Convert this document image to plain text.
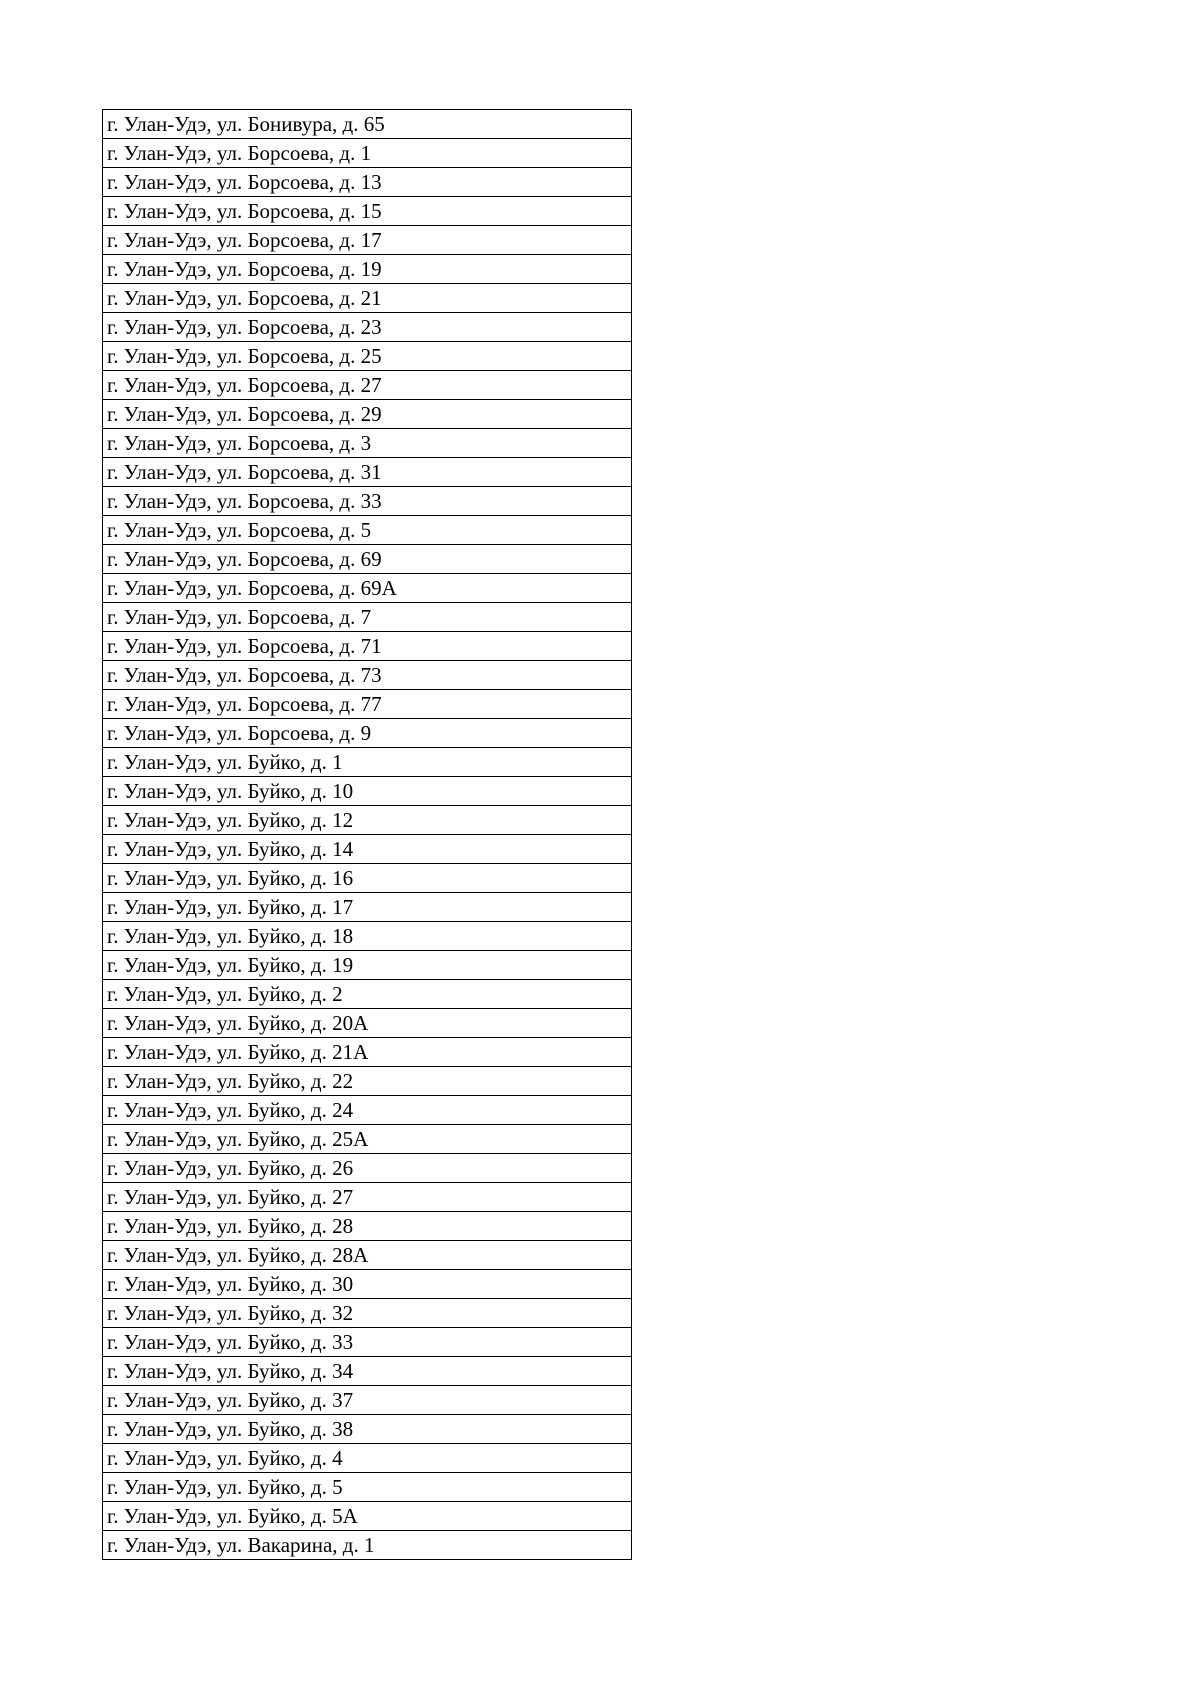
г. Улан-Удэ, ул. Бонивура, д. 65
г. Улан-Удэ, ул. Борсоева, д. 1
г. Улан-Удэ, ул. Борсоева, д. 13
г. Улан-Удэ, ул. Борсоева, д. 15
г. Улан-Удэ, ул. Борсоева, д. 17
г. Улан-Удэ, ул. Борсоева, д. 19
г. Улан-Удэ, ул. Борсоева, д. 21
г. Улан-Удэ, ул. Борсоева, д. 23
г. Улан-Удэ, ул. Борсоева, д. 25
г. Улан-Удэ, ул. Борсоева, д. 27
г. Улан-Удэ, ул. Борсоева, д. 29
г. Улан-Удэ, ул. Борсоева, д. 3
г. Улан-Удэ, ул. Борсоева, д. 31
г. Улан-Удэ, ул. Борсоева, д. 33
г. Улан-Удэ, ул. Борсоева, д. 5
г. Улан-Удэ, ул. Борсоева, д. 69
г. Улан-Удэ, ул. Борсоева, д. 69А
г. Улан-Удэ, ул. Борсоева, д. 7
г. Улан-Удэ, ул. Борсоева, д. 71
г. Улан-Удэ, ул. Борсоева, д. 73
г. Улан-Удэ, ул. Борсоева, д. 77
г. Улан-Удэ, ул. Борсоева, д. 9
г. Улан-Удэ, ул. Буйко, д. 1
г. Улан-Удэ, ул. Буйко, д. 10
г. Улан-Удэ, ул. Буйко, д. 12
г. Улан-Удэ, ул. Буйко, д. 14
г. Улан-Удэ, ул. Буйко, д. 16
г. Улан-Удэ, ул. Буйко, д. 17
г. Улан-Удэ, ул. Буйко, д. 18
г. Улан-Удэ, ул. Буйко, д. 19
г. Улан-Удэ, ул. Буйко, д. 2
г. Улан-Удэ, ул. Буйко, д. 20А
г. Улан-Удэ, ул. Буйко, д. 21А
г. Улан-Удэ, ул. Буйко, д. 22
г. Улан-Удэ, ул. Буйко, д. 24
г. Улан-Удэ, ул. Буйко, д. 25А
г. Улан-Удэ, ул. Буйко, д. 26
г. Улан-Удэ, ул. Буйко, д. 27
г. Улан-Удэ, ул. Буйко, д. 28
г. Улан-Удэ, ул. Буйко, д. 28А
г. Улан-Удэ, ул. Буйко, д. 30
г. Улан-Удэ, ул. Буйко, д. 32
г. Улан-Удэ, ул. Буйко, д. 33
г. Улан-Удэ, ул. Буйко, д. 34
г. Улан-Удэ, ул. Буйко, д. 37
г. Улан-Удэ, ул. Буйко, д. 38
г. Улан-Удэ, ул. Буйко, д. 4
г. Улан-Удэ, ул. Буйко, д. 5
г. Улан-Удэ, ул. Буйко, д. 5А
г. Улан-Удэ, ул. Вакарина, д. 1
